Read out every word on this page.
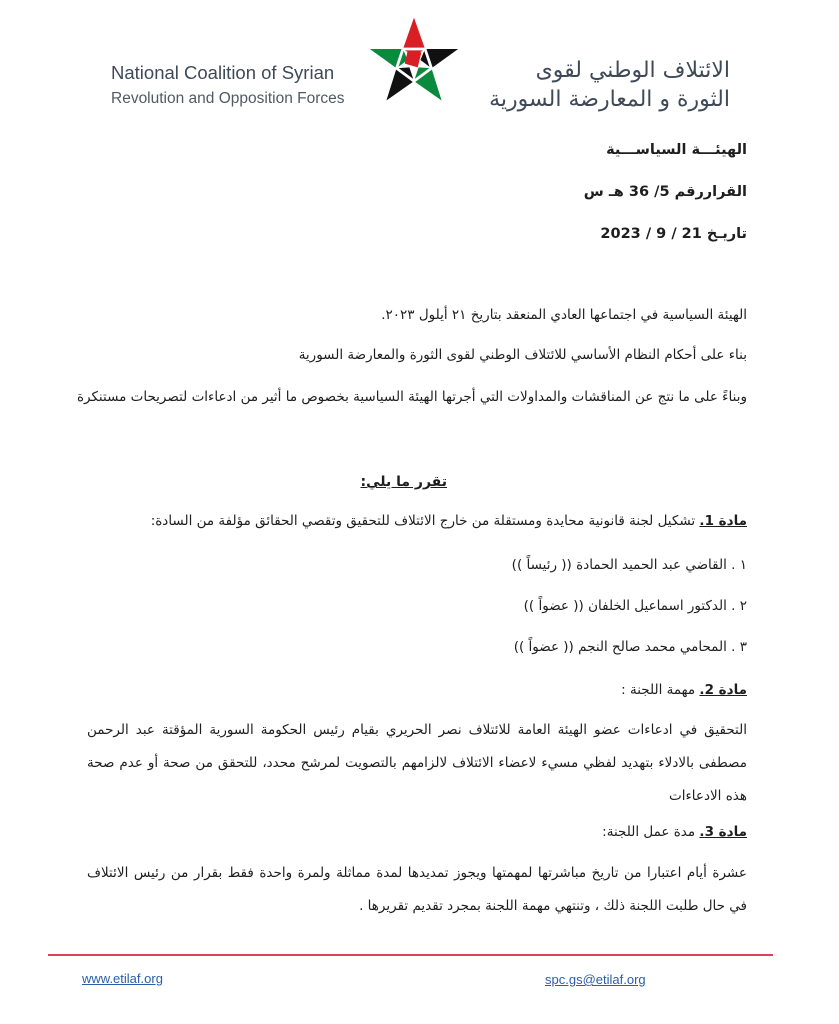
National Coalition of Syrian
Revolution and Opposition Forces
الائتلاف الوطني لقوى
الثورة و المعارضة السورية
الهيئـــة السياســـية
القراررقم 5/ 36 هـ س
تاريـخ 21 / 9 / 2023
الهيئة السياسية في اجتماعها العادي المنعقد بتاريخ ٢١ أيلول ٢٠٢٣.
بناء على أحكام النظام الأساسي للائتلاف الوطني لقوى الثورة والمعارضة السورية
وبناءً على ما نتج عن المناقشات والمداولات التي أجرتها الهيئة السياسية بخصوص ما أثير من ادعاءات لتصريحات مستنكرة
تقرر ما يلي:
مادة 1. تشكيل لجنة قانونية محايدة ومستقلة من خارج الائتلاف للتحقيق وتقصي الحقائق مؤلفة من السادة:
١ . القاضي عبد الحميد الحمادة (( رئيساً ))
٢ . الدكتور اسماعيل الخلفان (( عضواً ))
٣ . المحامي محمد صالح النجم (( عضواً ))
مادة 2. مهمة اللجنة :
التحقيق في ادعاءات عضو الهيئة العامة للائتلاف نصر الحريري بقيام رئيس الحكومة السورية المؤقتة عبد الرحمن مصطفى بالادلاء بتهديد لفظي مسيء لاعضاء الائتلاف لالزامهم بالتصويت لمرشح محدد، للتحقق من صحة أو عدم صحة هذه الادعاءات
مادة 3. مدة عمل اللجنة:
عشرة أيام اعتبارا من تاريخ مباشرتها لمهمتها ويجوز تمديدها لمدة مماثلة ولمرة واحدة فقط بقرار من رئيس الائتلاف في حال طلبت اللجنة ذلك ، وتنتهي مهمة اللجنة بمجرد تقديم تقريرها .
www.etilaf.org	spc.gs@etilaf.org
